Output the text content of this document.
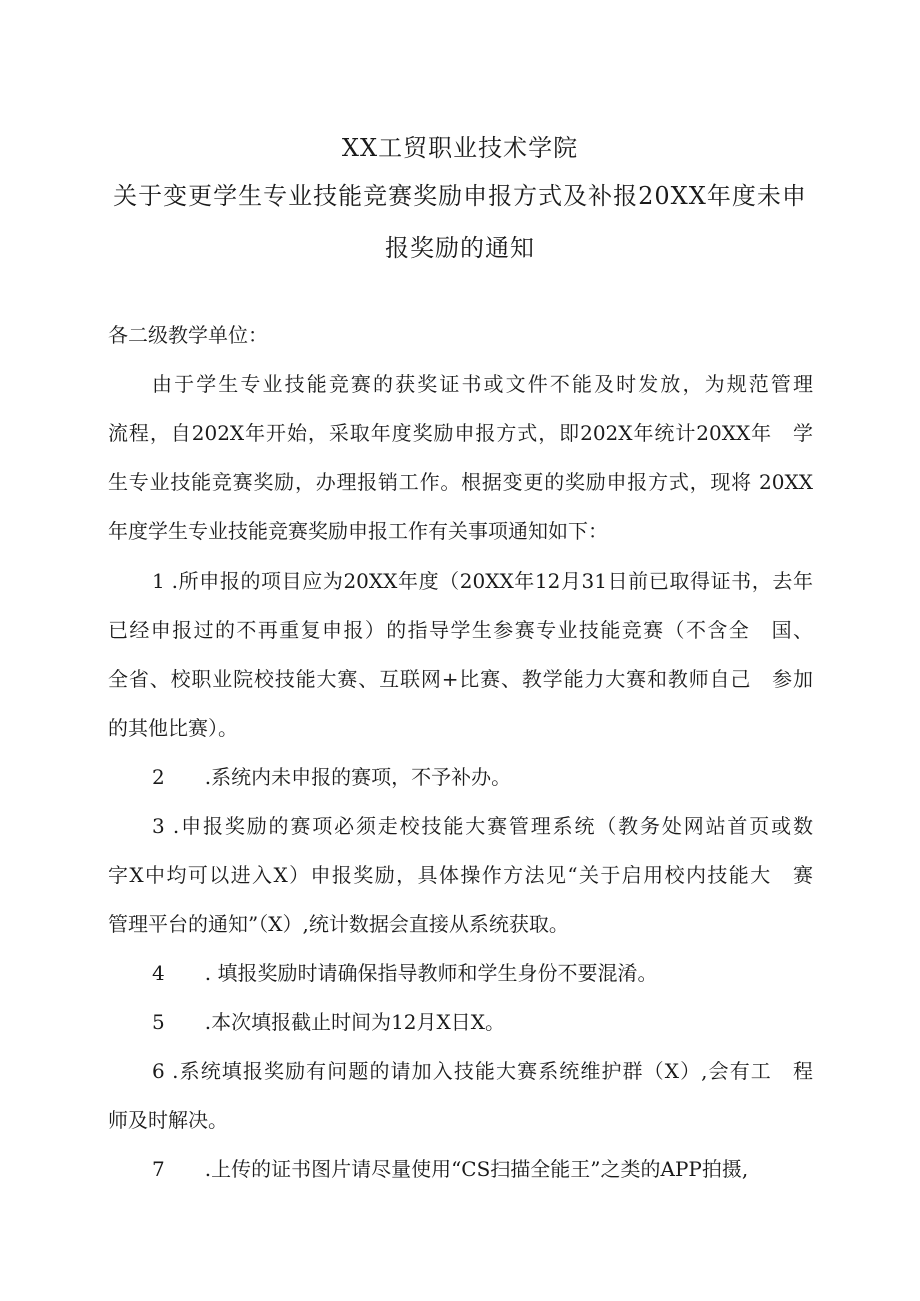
XX工贸职业技术学院
关于变更学生专业技能竞赛奖励申报方式及补报20XX年度未申
报奖励的通知
各二级教学单位：
由于学生专业技能竞赛的获奖证书或文件不能及时发放，为规范管理
流程，自202X年开始，采取年度奖励申报方式，即202X年统计20XX年　学
生专业技能竞赛奖励，办理报销工作。根据变更的奖励申报方式，现将 20XX
年度学生专业技能竞赛奖励申报工作有关事项通知如下：
1 .所申报的项目应为20XX年度（20XX年12月31日前已取得证书，去年
已经申报过的不再重复申报）的指导学生参赛专业技能竞赛（不含全　国、
全省、校职业院校技能大赛、互联网+比赛、教学能力大赛和教师自己　参加
的其他比赛）。
2　　.系统内未申报的赛项，不予补办。
3 .申报奖励的赛项必须走校技能大赛管理系统（教务处网站首页或数
字X中均可以进入X）申报奖励，具体操作方法见“关于启用校内技能大　赛
管理平台的通知”（X）,统计数据会直接从系统获取。
4　　. 填报奖励时请确保指导教师和学生身份不要混淆。
5　　.本次填报截止时间为12月X日X。
6 .系统填报奖励有问题的请加入技能大赛系统维护群（X）,会有工　程
师及时解决。
7　　.上传的证书图片请尽量使用“CS扫描全能王”之类的APP拍摄,
